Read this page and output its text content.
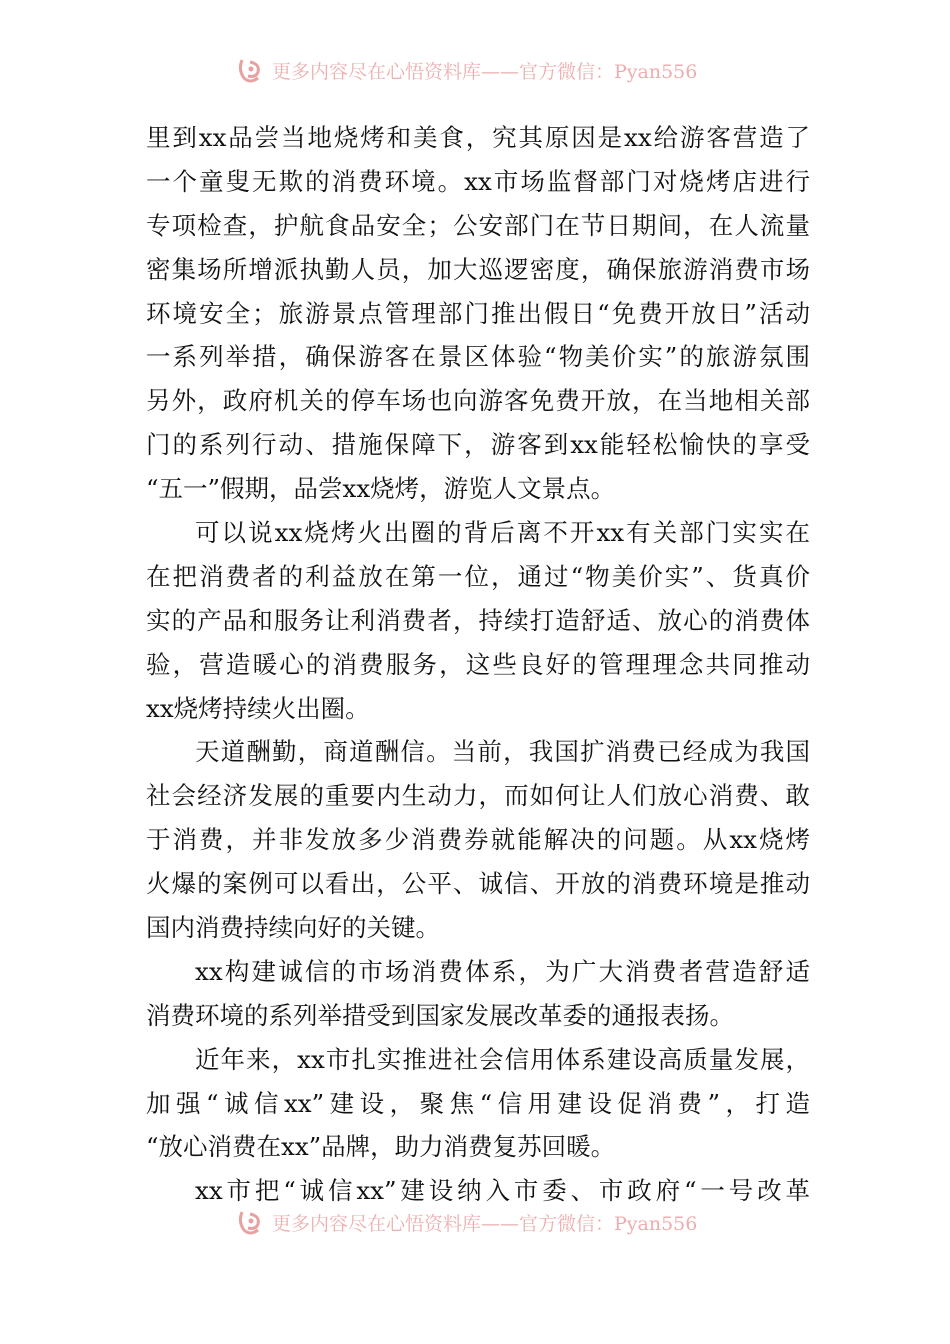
更多内容尽在心悟资料库——官方微信：Pyan556
里到xx品尝当地烧烤和美食，究其原因是xx给游客营造了
一个童叟无欺的消费环境。xx市场监督部门对烧烤店进行
专项检查，护航食品安全；公安部门在节日期间，在人流量
密集场所增派执勤人员，加大巡逻密度，确保旅游消费市场
环境安全；旅游景点管理部门推出假日“免费开放日”活动
一系列举措，确保游客在景区体验“物美价实”的旅游氛围
另外，政府机关的停车场也向游客免费开放，在当地相关部
门的系列行动、措施保障下，游客到xx能轻松愉快的享受
“五一”假期，品尝xx烧烤，游览人文景点。
可以说xx烧烤火出圈的背后离不开xx有关部门实实在
在把消费者的利益放在第一位，通过“物美价实”、货真价
实的产品和服务让利消费者，持续打造舒适、放心的消费体
验，营造暖心的消费服务，这些良好的管理理念共同推动
xx烧烤持续火出圈。
天道酬勤，商道酬信。当前，我国扩消费已经成为我国
社会经济发展的重要内生动力，而如何让人们放心消费、敢
于消费，并非发放多少消费券就能解决的问题。从xx烧烤
火爆的案例可以看出，公平、诚信、开放的消费环境是推动
国内消费持续向好的关键。
xx构建诚信的市场消费体系，为广大消费者营造舒适
消费环境的系列举措受到国家发展改革委的通报表扬。
近年来，xx市扎实推进社会信用体系建设高质量发展，
加强“诚信xx”建设，聚焦“信用建设促消费”，打造
“放心消费在xx”品牌，助力消费复苏回暖。
xx市把“诚信xx”建设纳入市委、市政府“一号改革
更多内容尽在心悟资料库——官方微信：Pyan556
